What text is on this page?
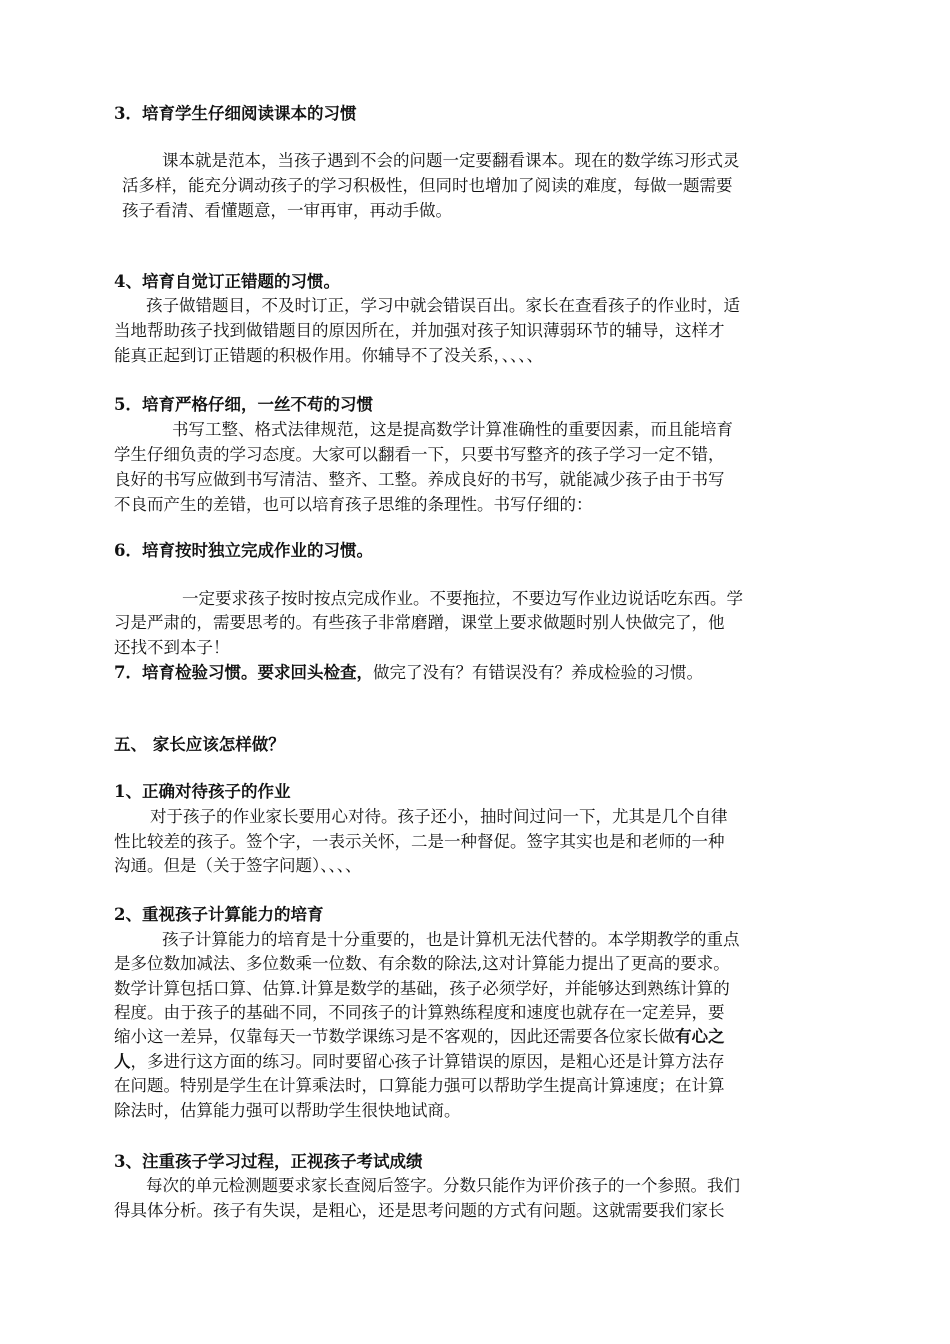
3．培育学生仔细阅读课本的习惯
课本就是范本，当孩子遇到不会的问题一定要翻看课本。现在的数学练习形式灵
活多样，能充分调动孩子的学习积极性，但同时也增加了阅读的难度，每做一题需要
孩子看清、看懂题意，一审再审，再动手做。
4、培育自觉订正错题的习惯。
孩子做错题目，不及时订正，学习中就会错误百出。家长在查看孩子的作业时，适
当地帮助孩子找到做错题目的原因所在，并加强对孩子知识薄弱环节的辅导，这样才
能真正起到订正错题的积极作用。你辅导不了没关系，、、、、
5．培育严格仔细，一丝不苟的习惯
书写工整、格式法律规范，这是提高数学计算准确性的重要因素，而且能培育
学生仔细负责的学习态度。大家可以翻看一下，只要书写整齐的孩子学习一定不错，
良好的书写应做到书写清洁、整齐、工整。养成良好的书写，就能减少孩子由于书写
不良而产生的差错，也可以培育孩子思维的条理性。书写仔细的：
6．培育按时独立完成作业的习惯。
一定要求孩子按时按点完成作业。不要拖拉，不要边写作业边说话吃东西。学
习是严肃的，需要思考的。有些孩子非常磨蹭，课堂上要求做题时别人快做完了，他
还找不到本子！
7．培育检验习惯。要求回头检查，做完了没有？有错误没有？养成检验的习惯。
五、 家长应该怎样做？
1、正确对待孩子的作业
对于孩子的作业家长要用心对待。孩子还小，抽时间过问一下，尤其是几个自律
性比较差的孩子。签个字，一表示关怀，二是一种督促。签字其实也是和老师的一种
沟通。但是（关于签字问题）、、、、
2、重视孩子计算能力的培育
孩子计算能力的培育是十分重要的，也是计算机无法代替的。本学期教学的重点
是多位数加减法、多位数乘一位数、有余数的除法,这对计算能力提出了更高的要求。
数学计算包括口算、估算.计算是数学的基础，孩子必须学好，并能够达到熟练计算的
程度。由于孩子的基础不同，不同孩子的计算熟练程度和速度也就存在一定差异，要
缩小这一差异，仅靠每天一节数学课练习是不客观的，因此还需要各位家长做有心之
人，多进行这方面的练习。同时要留心孩子计算错误的原因，是粗心还是计算方法存
在问题。特别是学生在计算乘法时，口算能力强可以帮助学生提高计算速度；在计算
除法时，估算能力强可以帮助学生很快地试商。
3、注重孩子学习过程，正视孩子考试成绩
每次的单元检测题要求家长查阅后签字。分数只能作为评价孩子的一个参照。我们
得具体分析。孩子有失误，是粗心，还是思考问题的方式有问题。这就需要我们家长
